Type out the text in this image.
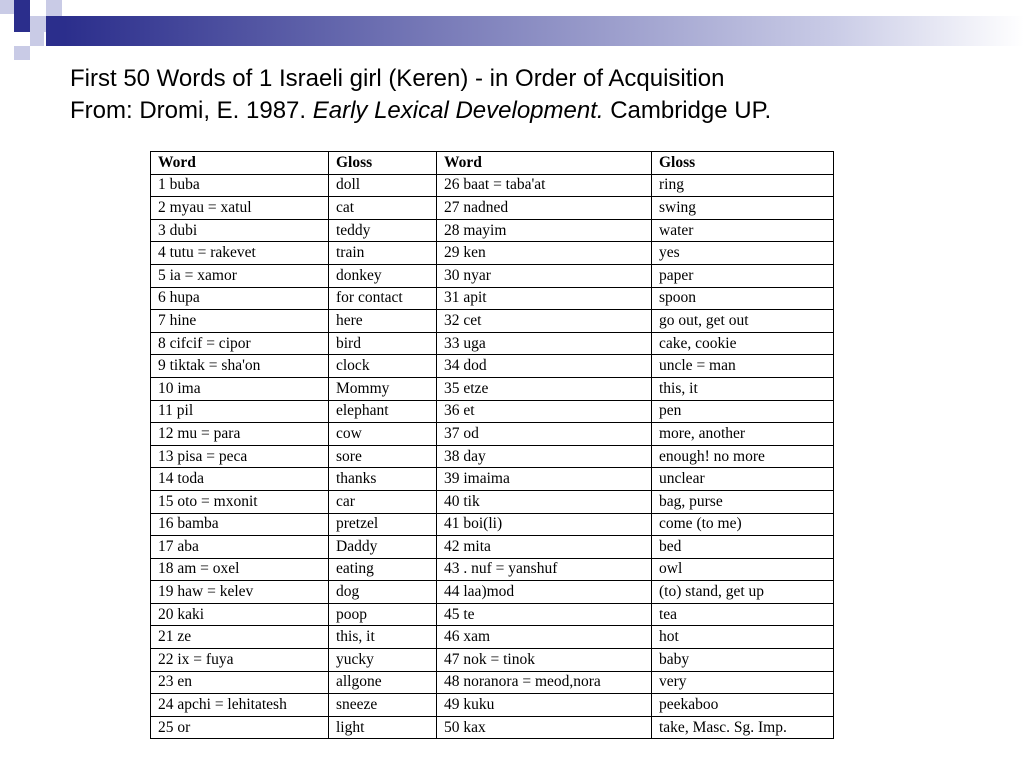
First 50 Words of 1 Israeli girl (Keren) - in Order of Acquisition
From: Dromi, E. 1987. Early Lexical Development. Cambridge UP.
Word	Gloss	Word	Gloss
1 buba	doll	26 baat = taba'at	ring
2 myau = xatul	cat	27 nadned	swing
3 dubi	teddy	28 mayim	water
4 tutu = rakevet	train	29 ken	yes
5 ia = xamor	donkey	30 nyar	paper
6 hupa	for contact	31 apit	spoon
7 hine	here	32 cet	go out, get out
8 cifcif = cipor	bird	33 uga	cake, cookie
9 tiktak = sha'on	clock	34 dod	uncle = man
10 ima	Mommy	35 etze	this, it
11 pil	elephant	36 et	pen
12 mu = para	cow	37 od	more, another
13 pisa = peca	sore	38 day	enough! no more
14 toda	thanks	39 imaima	unclear
15 oto = mxonit	car	40 tik	bag, purse
16 bamba	pretzel	41 boi(li)	come (to me)
17 aba	Daddy	42 mita	bed
18 am = oxel	eating	43 . nuf = yanshuf	owl
19 haw = kelev	dog	44 laa)mod	(to) stand, get up
20 kaki	poop	45 te	tea
21 ze	this, it	46 xam	hot
22 ix = fuya	yucky	47 nok = tinok	baby
23 en	allgone	48 noranora = meod,nora	very
24 apchi = lehitatesh	sneeze	49 kuku	peekaboo
25 or	light	50 kax	take, Masc. Sg. Imp.
